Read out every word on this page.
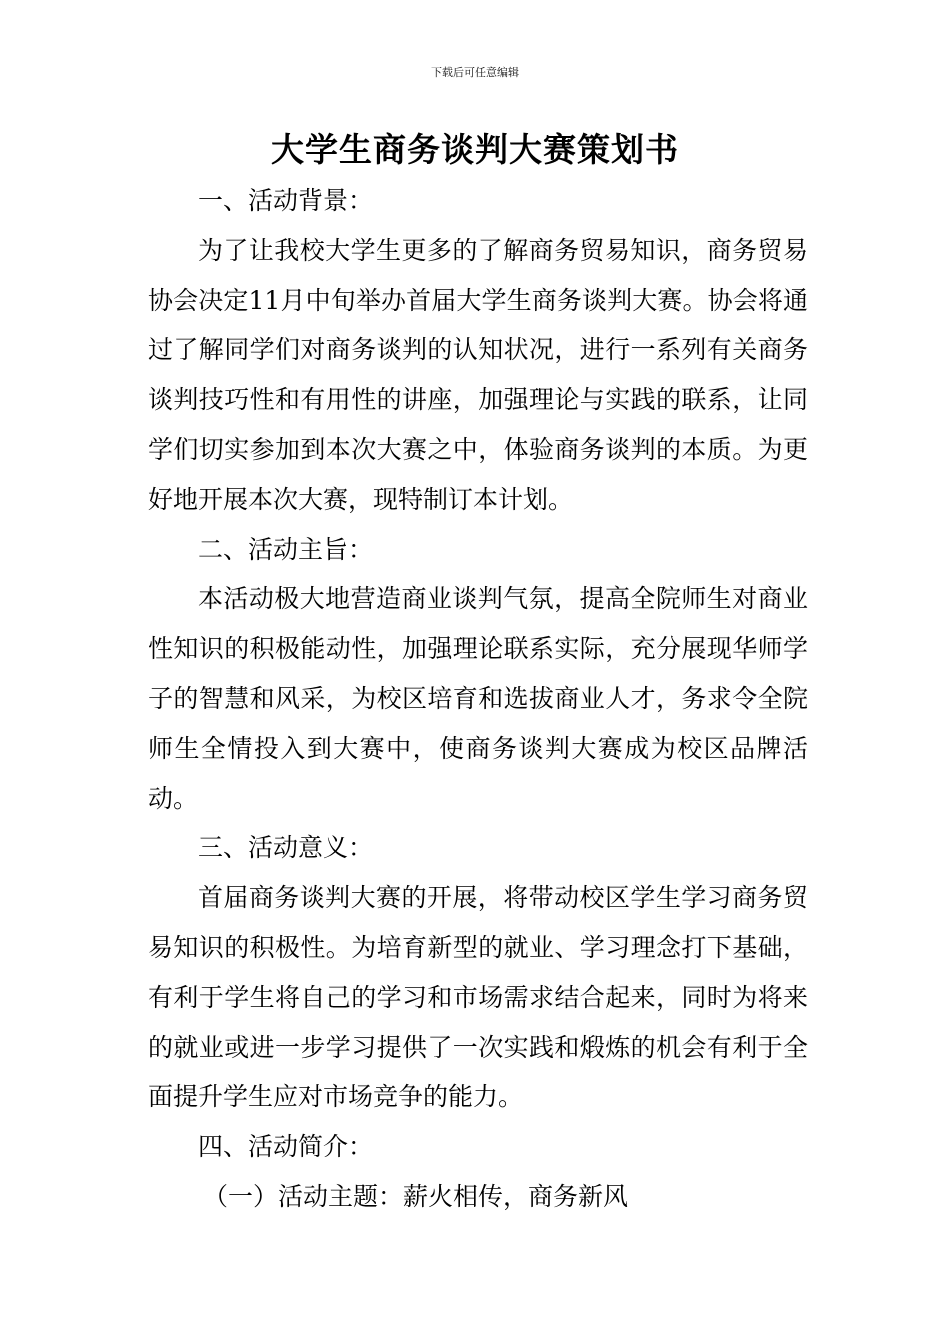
下载后可任意编辑
大学生商务谈判大赛策划书

一、活动背景：

为了让我校大学生更多的了解商务贸易知识，商务贸易协会决定11月中旬举办首届大学生商务谈判大赛。协会将通过了解同学们对商务谈判的认知状况，进行一系列有关商务谈判技巧性和有用性的讲座，加强理论与实践的联系，让同学们切实参加到本次大赛之中，体验商务谈判的本质。为更好地开展本次大赛，现特制订本计划。

二、活动主旨：

本活动极大地营造商业谈判气氛，提高全院师生对商业性知识的积极能动性，加强理论联系实际，充分展现华师学子的智慧和风采，为校区培育和选拔商业人才，务求令全院师生全情投入到大赛中，使商务谈判大赛成为校区品牌活动。

三、活动意义：

首届商务谈判大赛的开展，将带动校区学生学习商务贸易知识的积极性。为培育新型的就业、学习理念打下基础，有利于学生将自己的学习和市场需求结合起来，同时为将来的就业或进一步学习提供了一次实践和煅炼的机会有利于全面提升学生应对市场竞争的能力。

四、活动简介：

（一）活动主题：薪火相传，商务新风
